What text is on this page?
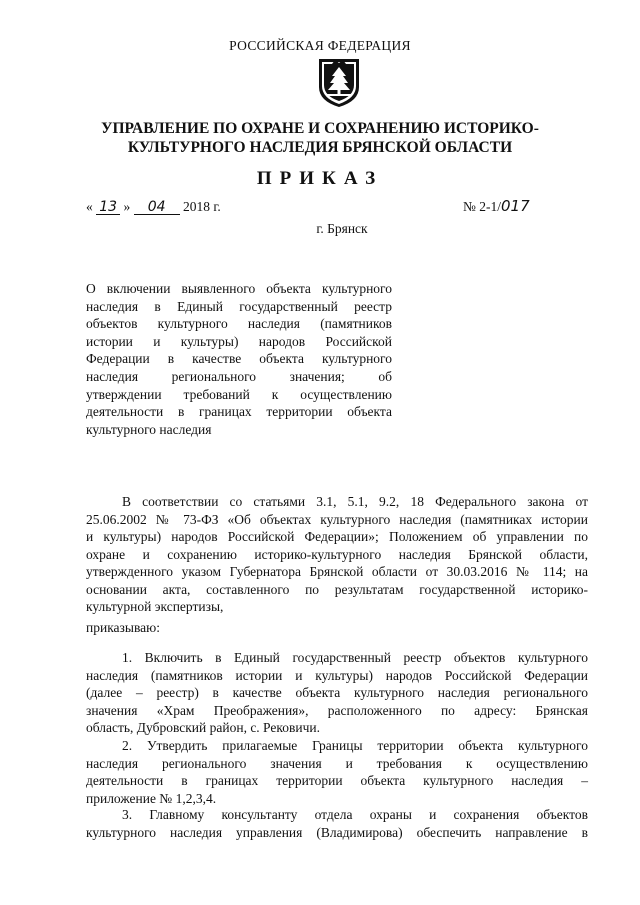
РОССИЙСКАЯ ФЕДЕРАЦИЯ
УПРАВЛЕНИЕ ПО ОХРАНЕ И СОХРАНЕНИЮ ИСТОРИКО-
КУЛЬТУРНОГО НАСЛЕДИЯ БРЯНСКОЙ ОБЛАСТИ
ПРИКАЗ
« 13 » 04 2018 г.	№ 2-1/017
г. Брянск
О включении выявленного объекта культурного
наследия в Единый государственный реестр
объектов культурного наследия (памятников
истории и культуры) народов Российской
Федерации в качестве объекта культурного
наследия регионального значения; об
утверждении требований к осуществлению
деятельности в границах территории объекта
культурного наследия
В соответствии со статьями 3.1, 5.1, 9.2, 18 Федерального закона от
25.06.2002 № 73-ФЗ «Об объектах культурного наследия (памятниках истории
и культуры) народов Российской Федерации»; Положением об управлении по
охране и сохранению историко-культурного наследия Брянской области,
утвержденного указом Губернатора Брянской области от 30.03.2016 № 114; на
основании акта, составленного по результатам государственной историко-
культурной экспертизы,
приказываю:
1. Включить в Единый государственный реестр объектов культурного
наследия (памятников истории и культуры) народов Российской Федерации
(далее – реестр) в качестве объекта культурного наследия регионального
значения «Храм Преображения», расположенного по адресу: Брянская
область, Дубровский район, с. Рековичи.
2. Утвердить прилагаемые Границы территории объекта культурного
наследия регионального значения и требования к осуществлению
деятельности в границах территории объекта культурного наследия –
приложение № 1,2,3,4.
3. Главному консультанту отдела охраны и сохранения объектов
культурного наследия управления (Владимирова) обеспечить направление в
